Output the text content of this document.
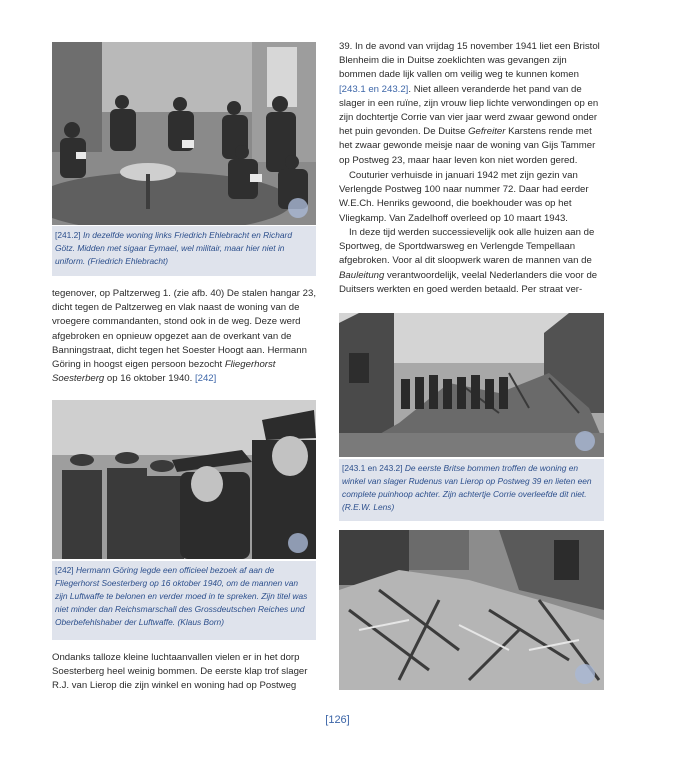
[241.2] In dezelfde woning links Friedrich Ehlebracht en Richard Götz. Midden met sigaar Eymael, wel militair, maar hier niet in uniform. (Friedrich Ehlebracht)

tegenover, op Paltzerweg 1. (zie afb. 40) De stalen hangar 23, dicht tegen de Paltzerweg en vlak naast de woning van de vroegere commandanten, stond ook in de weg. Deze werd afgebroken en opnieuw opgezet aan de overkant van de Banningstraat, dicht tegen het Soester Hoogt aan. Hermann Göring in hoogst eigen persoon bezocht Fliegerhorst Soesterberg op 16 oktober 1940. [242]

[242] Hermann Göring legde een officieel bezoek af aan de Fliegerhorst Soesterberg op 16 oktober 1940, om de mannen van zijn Luftwaffe te belonen en verder moed in te spreken. Zijn titel was niet minder dan Reichsmarschall des Grossdeutschen Reiches und Oberbefehlshaber der Luftwaffe. (Klaus Born)

Ondanks talloze kleine luchtaanvallen vielen er in het dorp Soesterberg heel weinig bommen. De eerste klap trof slager R.J. van Lierop die zijn winkel en woning had op Postweg

39. In de avond van vrijdag 15 november 1941 liet een Bristol Blenheim die in Duitse zoeklichten was gevangen zijn bommen dade lijk vallen om veilig weg te kunnen komen [243.1 en 243.2]. Niet alleen veranderde het pand van de slager in een ruïne, zijn vrouw liep lichte verwondingen op en zijn dochtertje Corrie van vier jaar werd zwaar gewond onder het puin gevonden. De Duitse Gefreiter Karstens rende met het zwaar gewonde meisje naar de woning van Gijs Tammer op Postweg 23, maar haar leven kon niet worden gered.

Couturier verhuisde in januari 1942 met zijn gezin van Verlengde Postweg 100 naar nummer 72. Daar had eerder W.E.Ch. Henriks gewoond, die boekhouder was op het Vliegkamp. Van Zadelhoff overleed op 10 maart 1943.

In deze tijd werden successievelijk ook alle huizen aan de Sportweg, de Sportdwarsweg en Verlengde Tempellaan afgebroken. Voor al dit sloopwerk waren de mannen van de Bauleitung verantwoordelijk, veelal Nederlanders die voor de Duitsers werkten en goed werden betaald. Per straat ver-

[243.1 en 243.2] De eerste Britse bommen troffen de woning en winkel van slager Rudenus van Lierop op Postweg 39 en lieten een complete puinhoop achter. Zijn achtertje Corrie overleefde dit niet. (R.E.W. Lens)
[126]
